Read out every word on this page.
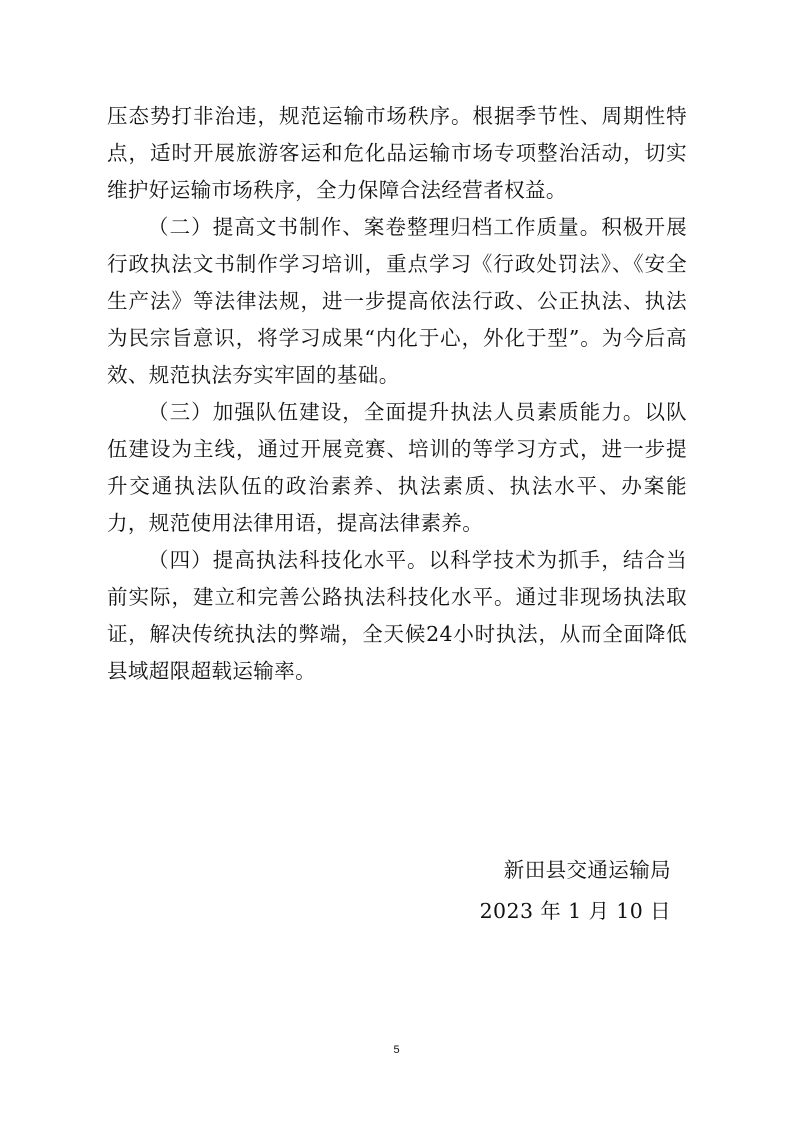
压态势打非治违，规范运输市场秩序。根据季节性、周期性特点，适时开展旅游客运和危化品运输市场专项整治活动，切实维护好运输市场秩序，全力保障合法经营者权益。

（二）提高文书制作、案卷整理归档工作质量。积极开展行政执法文书制作学习培训，重点学习《行政处罚法》、《安全生产法》等法律法规，进一步提高依法行政、公正执法、执法为民宗旨意识，将学习成果“内化于心，外化于型”。为今后高效、规范执法夯实牢固的基础。

（三）加强队伍建设，全面提升执法人员素质能力。以队伍建设为主线，通过开展竞赛、培训的等学习方式，进一步提升交通执法队伍的政治素养、执法素质、执法水平、办案能力，规范使用法律用语，提高法律素养。

（四）提高执法科技化水平。以科学技术为抓手，结合当前实际，建立和完善公路执法科技化水平。通过非现场执法取证，解决传统执法的弊端，全天候24小时执法，从而全面降低县域超限超载运输率。

新田县交通运输局
2023 年 1 月 10 日
5
